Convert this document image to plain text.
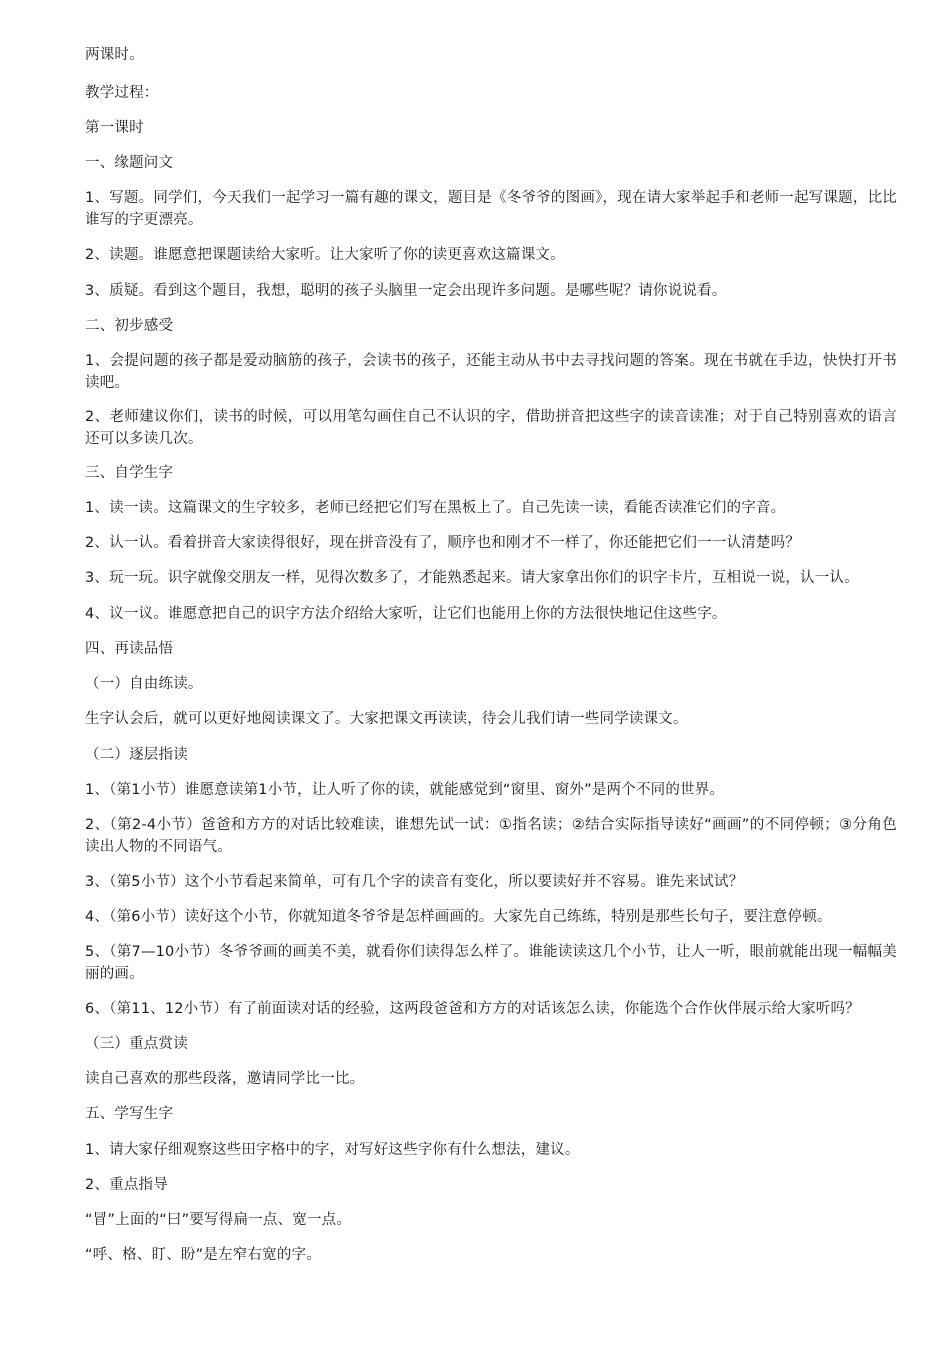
两课时。

教学过程：

第一课时

一、缘题问文

1、写题。同学们，今天我们一起学习一篇有趣的课文，题目是《冬爷爷的图画》，现在请大家举起手和老师一起写课题，比比谁写的字更漂亮。

2、读题。谁愿意把课题读给大家听。让大家听了你的读更喜欢这篇课文。

3、质疑。看到这个题目，我想，聪明的孩子头脑里一定会出现许多问题。是哪些呢？请你说说看。

二、初步感受

1、会提问题的孩子都是爱动脑筋的孩子，会读书的孩子，还能主动从书中去寻找问题的答案。现在书就在手边，快快打开书读吧。

2、老师建议你们，读书的时候，可以用笔勾画住自己不认识的字，借助拼音把这些字的读音读准；对于自己特别喜欢的语言还可以多读几次。

三、自学生字

1、读一读。这篇课文的生字较多，老师已经把它们写在黑板上了。自己先读一读，看能否读准它们的字音。

2、认一认。看着拼音大家读得很好，现在拼音没有了，顺序也和刚才不一样了，你还能把它们一一认清楚吗？

3、玩一玩。识字就像交朋友一样，见得次数多了，才能熟悉起来。请大家拿出你们的识字卡片，互相说一说，认一认。

4、议一议。谁愿意把自己的识字方法介绍给大家听，让它们也能用上你的方法很快地记住这些字。

四、再读品悟

（一）自由练读。

生字认会后，就可以更好地阅读课文了。大家把课文再读读，待会儿我们请一些同学读课文。

（二）逐层指读

1、（第1小节）谁愿意读第1小节，让人听了你的读，就能感觉到“窗里、窗外”是两个不同的世界。

2、（第2-4小节）爸爸和方方的对话比较难读，谁想先试一试：①指名读；②结合实际指导读好“画画”的不同停顿；③分角色读出人物的不同语气。

3、（第5小节）这个小节看起来简单，可有几个字的读音有变化，所以要读好并不容易。谁先来试试？

4、（第6小节）读好这个小节，你就知道冬爷爷是怎样画画的。大家先自己练练，特别是那些长句子，要注意停顿。

5、（第7—10小节）冬爷爷画的画美不美，就看你们读得怎么样了。谁能读读这几个小节，让人一听，眼前就能出现一幅幅美丽的画。

6、（第11、12小节）有了前面读对话的经验，这两段爸爸和方方的对话该怎么读，你能选个合作伙伴展示给大家听吗？

（三）重点赏读

读自己喜欢的那些段落，邀请同学比一比。

五、学写生字

1、请大家仔细观察这些田字格中的字，对写好这些字你有什么想法，建议。

2、重点指导

“冒”上面的“曰”要写得扁一点、宽一点。

“呼、格、盯、盼”是左窄右宽的字。
